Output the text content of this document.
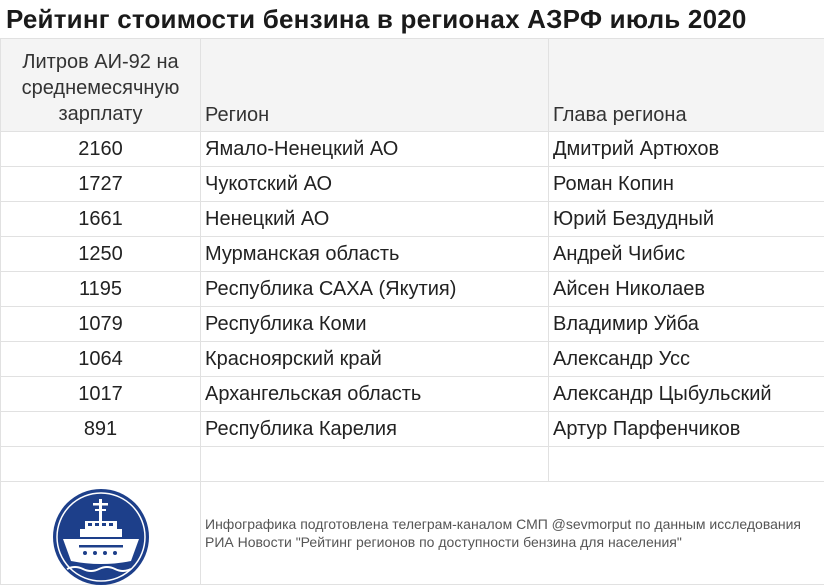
Рейтинг стоимости бензина в регионах АЗРФ июль 2020
Литров АИ-92 на среднемесячную зарплату	Регион	Глава региона
2160	Ямало-Ненецкий АО	Дмитрий Артюхов
1727	Чукотский АО	Роман Копин
1661	Ненецкий АО	Юрий Бездудный
1250	Мурманская область	Андрей Чибис
1195	Республика САХА (Якутия)	Айсен Николаев
1079	Республика Коми	Владимир Уйба
1064	Красноярский край	Александр Усс
1017	Архангельская область	Александр Цыбульский
891	Республика Карелия	Артур Парфенчиков

	Инфографика подготовлена телеграм-каналом СМП @sevmorput по данным исследования РИА Новости "Рейтинг регионов по доступности бензина для населения"	
